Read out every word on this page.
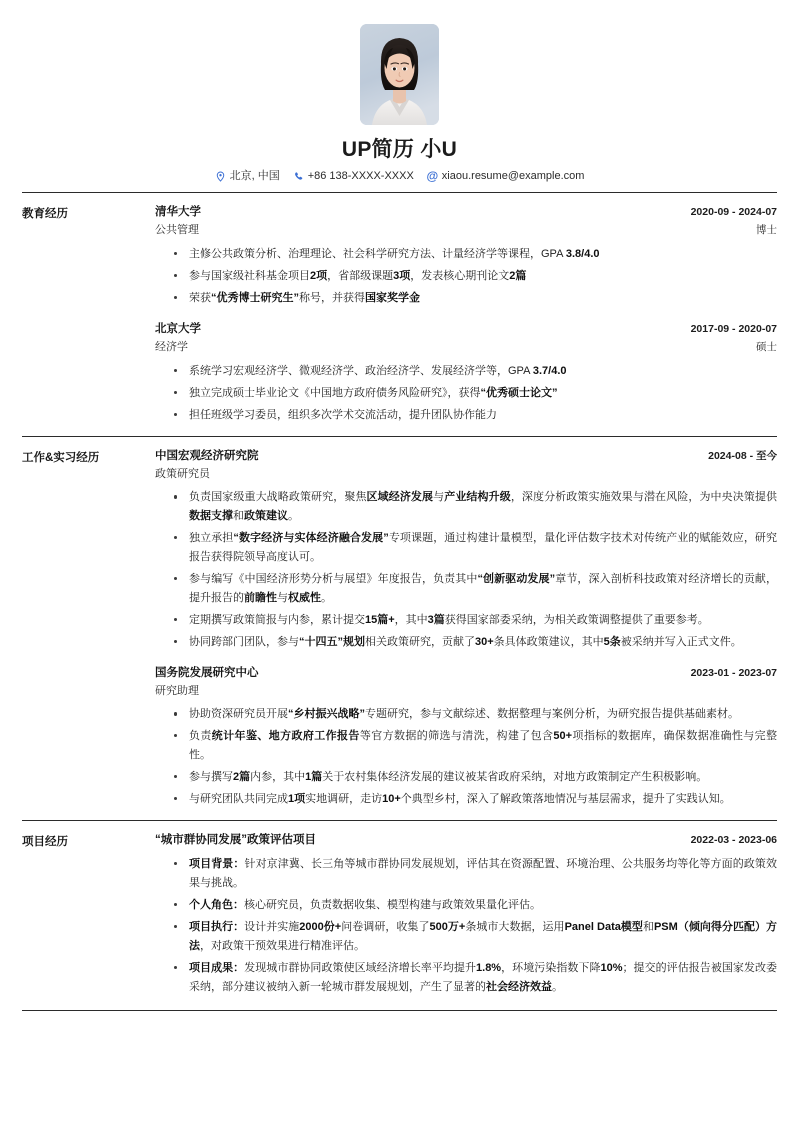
UP简历 小U
北京, 中国	+86 138-XXXX-XXXX @ xiaou.resume@example.com
教育经历	清华大学	2020-09 - 2024-07
公共管理	博士
主修公共政策分析、治理理论、社会科学研究方法、计量经济学等课程，GPA 3.8/4.0
参与国家级社科基金项目2项，省部级课题3项，发表核心期刊论文2篇
荣获“优秀博士研究生”称号，并获得国家奖学金
北京大学	2017-09 - 2020-07
经济学	硕士
系统学习宏观经济学、微观经济学、政治经济学、发展经济学等，GPA 3.7/4.0
独立完成硕士毕业论文《中国地方政府债务风险研究》，获得“优秀硕士论文”
担任班级学习委员，组织多次学术交流活动，提升团队协作能力
工作&实习经历	中国宏观经济研究院	2024-08 - 至今
政策研究员
负责国家级重大战略政策研究，聚焦区域经济发展与产业结构升级，深度分析政策实施效果与潜在风险，为中央决策提供数据支撑和政策建议。
独立承担“数字经济与实体经济融合发展”专项课题，通过构建计量模型，量化评估数字技术对传统产业的赋能效应，研究报告获得院领导高度认可。
参与编写《中国经济形势分析与展望》年度报告，负责其中“创新驱动发展”章节，深入剖析科技政策对经济增长的贡献，提升报告的前瞻性与权威性。
定期撰写政策简报与内参，累计提交15篇+，其中3篇获得国家部委采纳，为相关政策调整提供了重要参考。
协同跨部门团队，参与“十四五”规划相关政策研究，贡献了30+条具体政策建议，其中5条被采纳并写入正式文件。
国务院发展研究中心	2023-01 - 2023-07
研究助理
协助资深研究员开展“乡村振兴战略”专题研究，参与文献综述、数据整理与案例分析，为研究报告提供基础素材。
负责统计年鉴、地方政府工作报告等官方数据的筛选与清洗，构建了包含50+项指标的数据库，确保数据准确性与完整性。
参与撰写2篇内参，其中1篇关于农村集体经济发展的建议被某省政府采纳，对地方政策制定产生积极影响。
与研究团队共同完成1项实地调研，走访10+个典型乡村，深入了解政策落地情况与基层需求，提升了实践认知。
项目经历	“城市群协同发展”政策评估项目	2022-03 - 2023-06
项目背景：针对京津冀、长三角等城市群协同发展规划，评估其在资源配置、环境治理、公共服务均等化等方面的政策效果与挑战。
个人角色：核心研究员，负责数据收集、模型构建与政策效果量化评估。
项目执行：设计并实施2000份+问卷调研，收集了500万+条城市大数据，运用Panel Data模型和PSM（倾向得分匹配）方法，对政策干预效果进行精准评估。
项目成果：发现城市群协同政策使区域经济增长率平均提升1.8%，环境污染指数下降10%；提交的评估报告被国家发改委采纳，部分建议被纳入新一轮城市群发展规划，产生了显著的社会经济效益。
